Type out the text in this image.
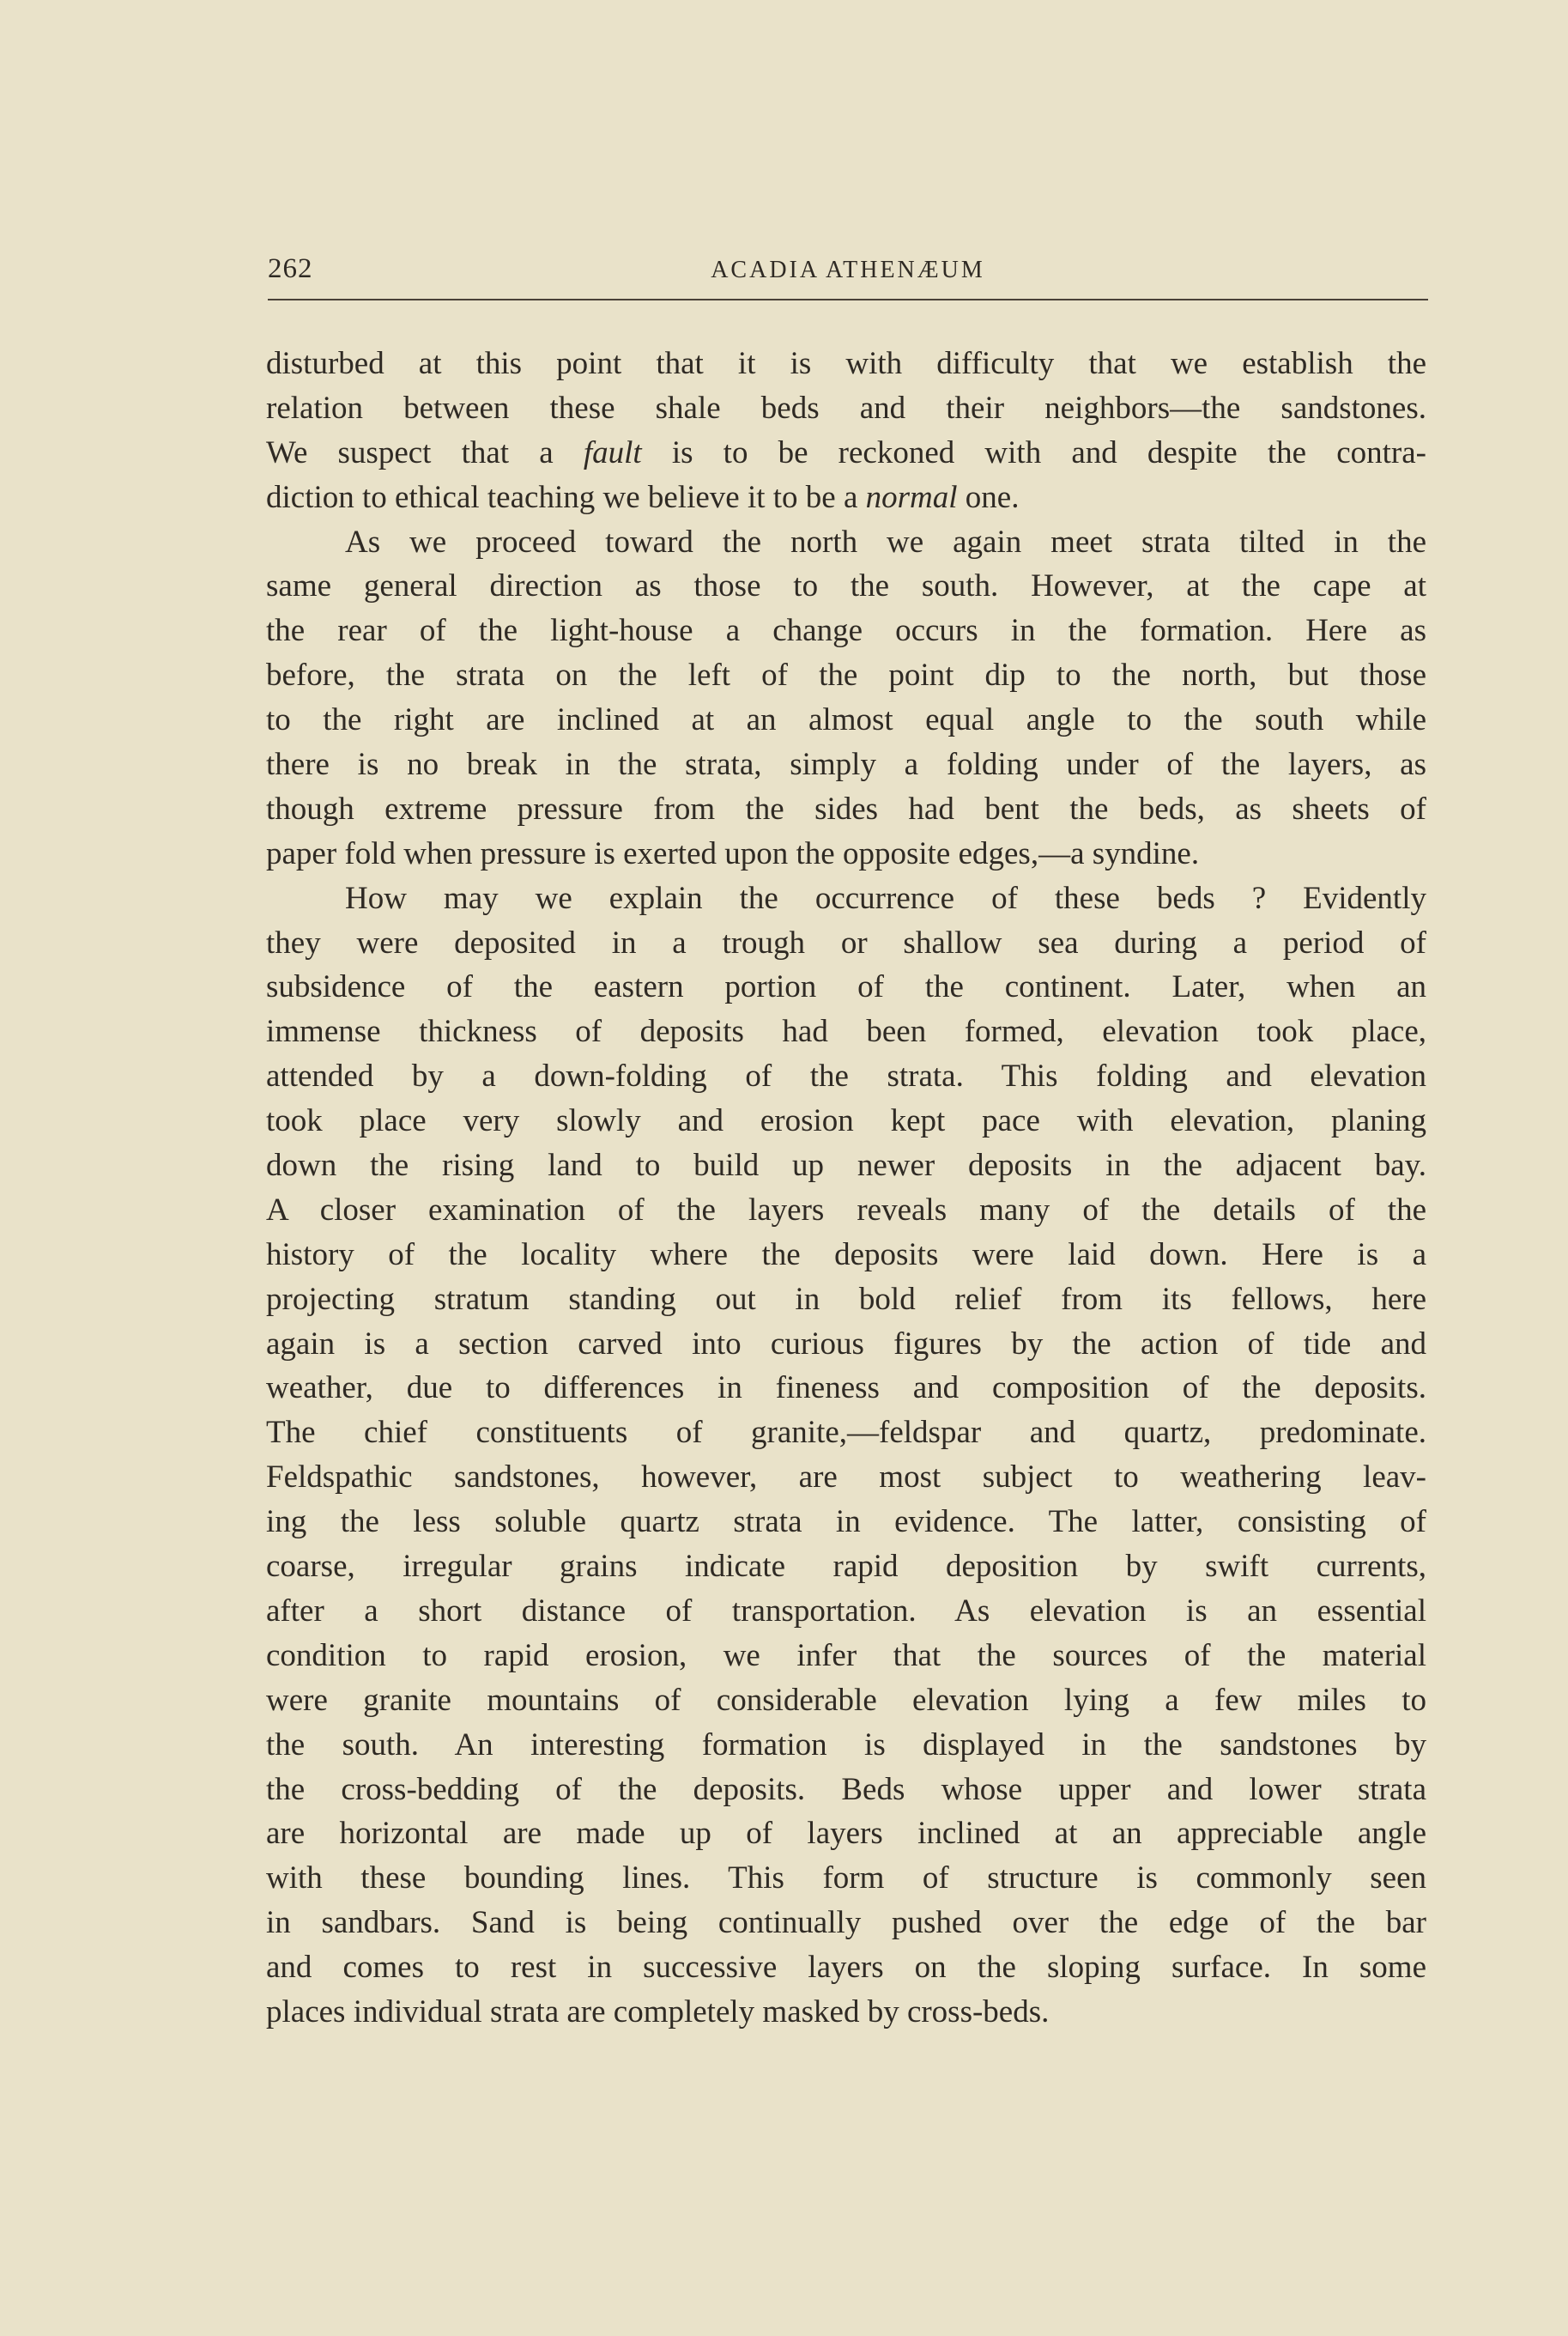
262	ACADIA ATHENÆUM
disturbed at this point that it is with difficulty that we establish the
relation between these shale beds and their neighbors—the sandstones.
We suspect that a fault is to be reckoned with and despite the contra-
diction to ethical teaching we believe it to be a normal one.
As we proceed toward the north we again meet strata tilted in the
same general direction as those to the south. However, at the cape at
the rear of the light-house a change occurs in the formation. Here as
before, the strata on the left of the point dip to the north, but those
to the right are inclined at an almost equal angle to the south while
there is no break in the strata, simply a folding under of the layers, as
though extreme pressure from the sides had bent the beds, as sheets of
paper fold when pressure is exerted upon the opposite edges,—a syndine.
How may we explain the occurrence of these beds ? Evidently
they were deposited in a trough or shallow sea during a period of
subsidence of the eastern portion of the continent. Later, when an
immense thickness of deposits had been formed, elevation took place,
attended by a down-folding of the strata. This folding and elevation
took place very slowly and erosion kept pace with elevation, planing
down the rising land to build up newer deposits in the adjacent bay.
A closer examination of the layers reveals many of the details of the
history of the locality where the deposits were laid down. Here is a
projecting stratum standing out in bold relief from its fellows, here
again is a section carved into curious figures by the action of tide and
weather, due to differences in fineness and composition of the deposits.
The chief constituents of granite,—feldspar and quartz, predominate.
Feldspathic sandstones, however, are most subject to weathering leav-
ing the less soluble quartz strata in evidence. The latter, consisting of
coarse, irregular grains indicate rapid deposition by swift currents,
after a short distance of transportation. As elevation is an essential
condition to rapid erosion, we infer that the sources of the material
were granite mountains of considerable elevation lying a few miles to
the south. An interesting formation is displayed in the sandstones by
the cross-bedding of the deposits. Beds whose upper and lower strata
are horizontal are made up of layers inclined at an appreciable angle
with these bounding lines. This form of structure is commonly seen
in sandbars. Sand is being continually pushed over the edge of the bar
and comes to rest in successive layers on the sloping surface. In some
places individual strata are completely masked by cross-beds.
